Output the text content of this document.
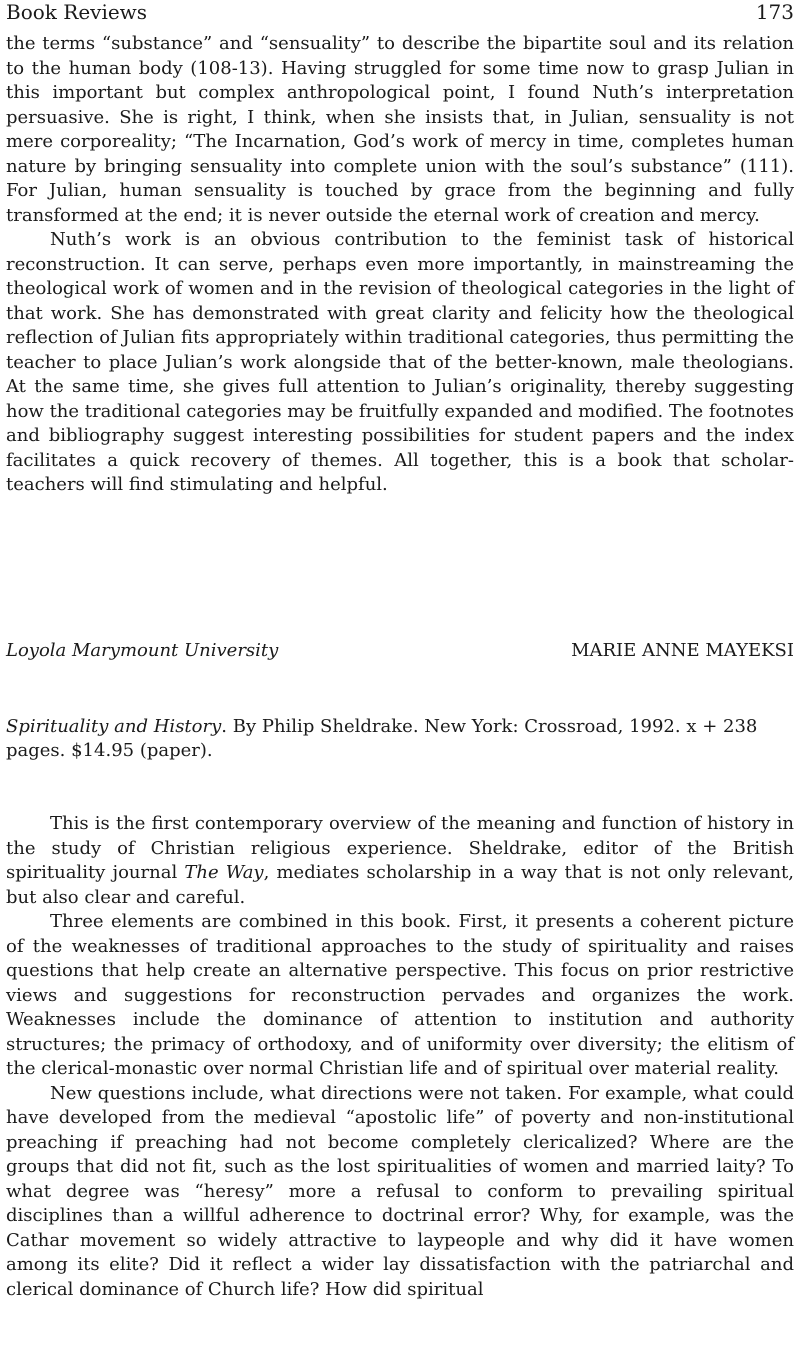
Book Reviews	173

the terms “substance” and “sensuality” to describe the bipartite soul and its relation to the human body (108-13). Having struggled for some time now to grasp Julian in this important but complex anthropological point, I found Nuth’s interpretation persuasive. She is right, I think, when she insists that, in Julian, sensuality is not mere corporeality; “The Incarnation, God’s work of mercy in time, completes human nature by bringing sensuality into complete union with the soul’s substance” (111). For Julian, human sensuality is touched by grace from the beginning and fully transformed at the end; it is never outside the eternal work of creation and mercy.

Nuth’s work is an obvious contribution to the feminist task of historical reconstruction. It can serve, perhaps even more importantly, in mainstreaming the theological work of women and in the revision of theological categories in the light of that work. She has demonstrated with great clarity and felicity how the theological reflection of Julian fits appropriately within traditional categories, thus permitting the teacher to place Julian’s work alongside that of the better-known, male theologians. At the same time, she gives full attention to Julian’s originality, thereby suggesting how the traditional categories may be fruitfully expanded and modified. The footnotes and bibliography suggest interesting possibilities for student papers and the index facilitates a quick recovery of themes. All together, this is a book that scholar-teachers will find stimulating and helpful.

Loyola Marymount University	MARIE ANNE MAYEKSI
Spirituality and History. By Philip Sheldrake. New York: Crossroad, 1992. x + 238 pages. $14.95 (paper).

This is the first contemporary overview of the meaning and function of history in the study of Christian religious experience. Sheldrake, editor of the British spirituality journal The Way, mediates scholarship in a way that is not only relevant, but also clear and careful.

Three elements are combined in this book. First, it presents a coherent picture of the weaknesses of traditional approaches to the study of spirituality and raises questions that help create an alternative perspective. This focus on prior restrictive views and suggestions for reconstruction pervades and organizes the work. Weaknesses include the dominance of attention to institution and authority structures; the primacy of orthodoxy, and of uniformity over diversity; the elitism of the clerical-monastic over normal Christian life and of spiritual over material reality.

New questions include, what directions were not taken. For example, what could have developed from the medieval “apostolic life” of poverty and non-institutional preaching if preaching had not become completely clericalized? Where are the groups that did not fit, such as the lost spiritualities of women and married laity? To what degree was “heresy” more a refusal to conform to prevailing spiritual disciplines than a willful adherence to doctrinal error? Why, for example, was the Cathar movement so widely attractive to laypeople and why did it have women among its elite? Did it reflect a wider lay dissatisfaction with the patriarchal and clerical dominance of Church life? How did spiritual
